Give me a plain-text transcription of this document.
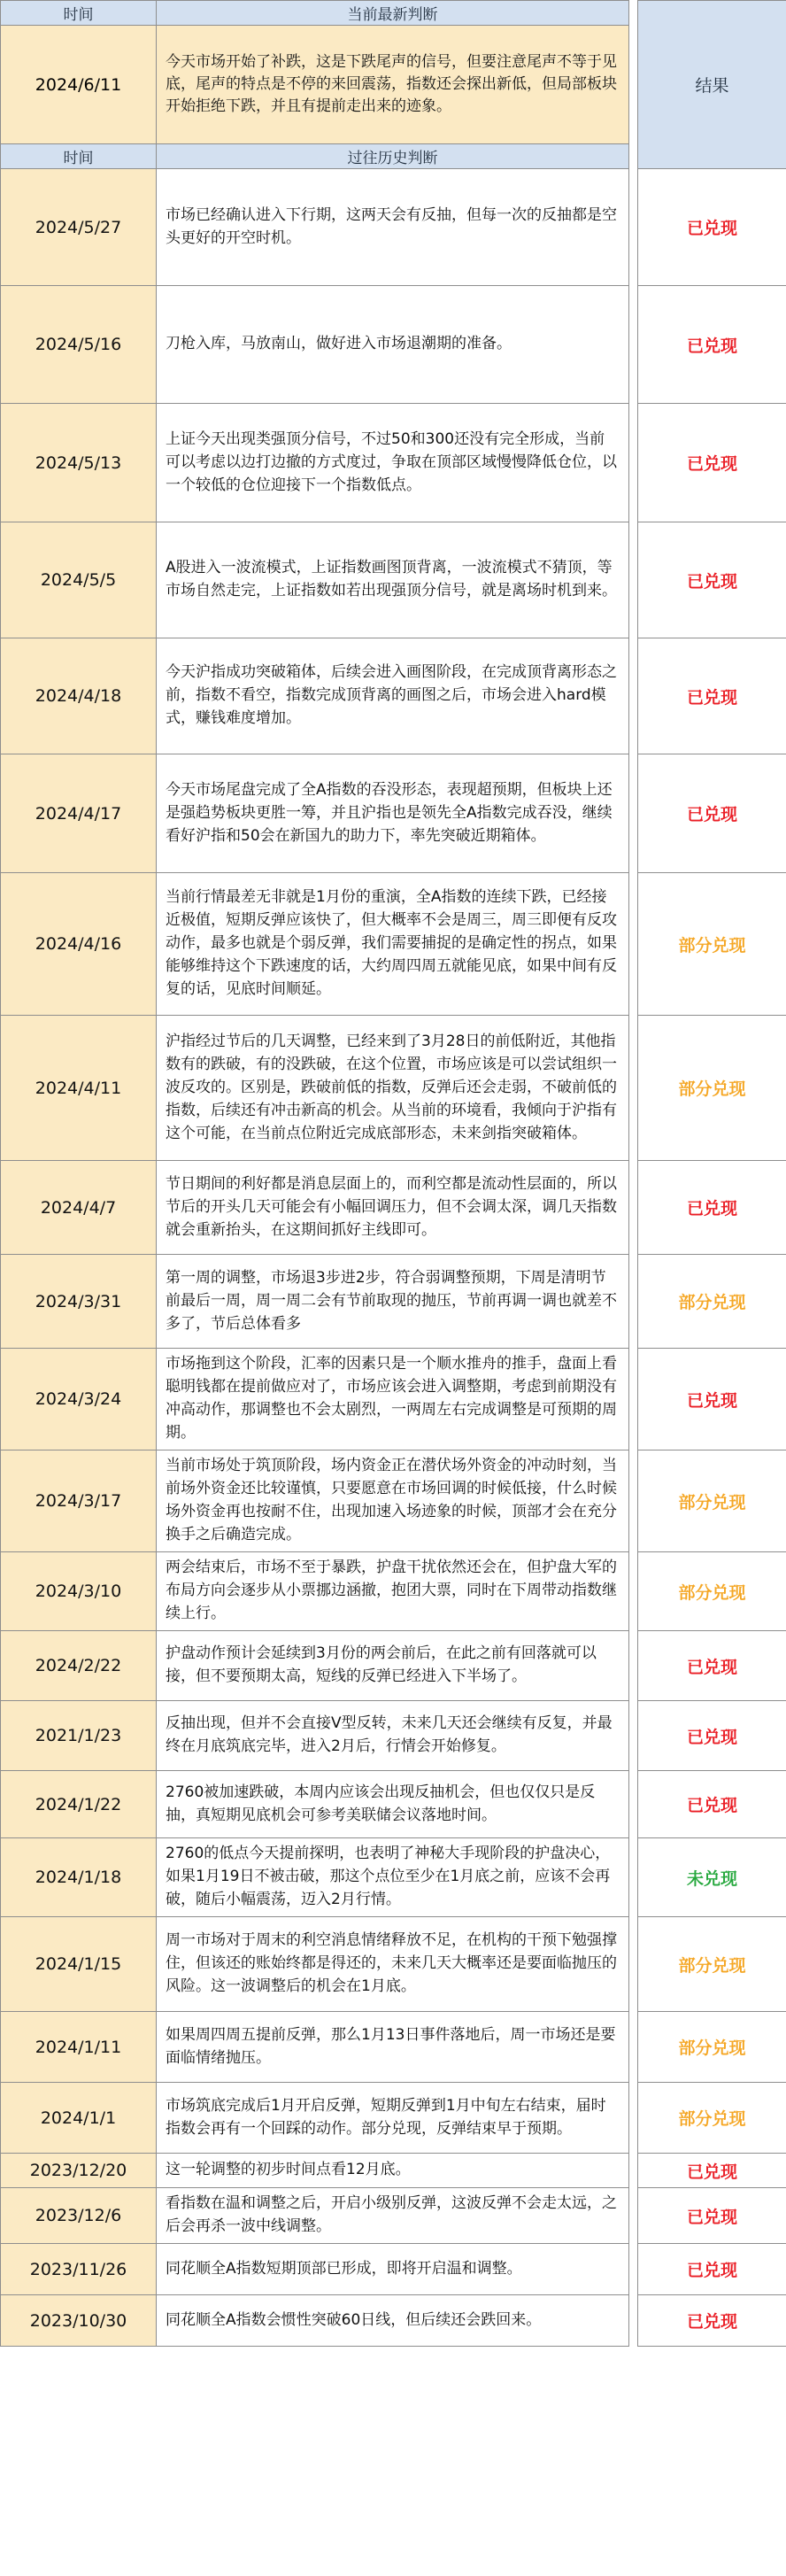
时间	当前最新判断		结果
2024/6/11	今天市场开始了补跌，这是下跌尾声的信号，但要注意尾声不等于见底，尾声的特点是不停的来回震荡，指数还会探出新低，但局部板块开始拒绝下跌，并且有提前走出来的迹象。		
时间	过往历史判断		
2024/5/27	市场已经确认进入下行期，这两天会有反抽，但每一次的反抽都是空头更好的开空时机。		已兑现
2024/5/16	刀枪入库，马放南山，做好进入市场退潮期的准备。		已兑现
2024/5/13	上证今天出现类强顶分信号，不过50和300还没有完全形成，当前可以考虑以边打边撤的方式度过，争取在顶部区域慢慢降低仓位，以一个较低的仓位迎接下一个指数低点。		已兑现
2024/5/5	A股进入一波流模式，上证指数画图顶背离，一波流模式不猜顶，等市场自然走完，上证指数如若出现强顶分信号，就是离场时机到来。		已兑现
2024/4/18	今天沪指成功突破箱体，后续会进入画图阶段，在完成顶背离形态之前，指数不看空，指数完成顶背离的画图之后，市场会进入hard模式，赚钱难度增加。		已兑现
2024/4/17	今天市场尾盘完成了全A指数的吞没形态，表现超预期，但板块上还是强趋势板块更胜一筹，并且沪指也是领先全A指数完成吞没，继续看好沪指和50会在新国九的助力下，率先突破近期箱体。		已兑现
2024/4/16	当前行情最差无非就是1月份的重演，全A指数的连续下跌，已经接近极值，短期反弹应该快了，但大概率不会是周三，周三即便有反攻动作，最多也就是个弱反弹，我们需要捕捉的是确定性的拐点，如果能够维持这个下跌速度的话，大约周四周五就能见底，如果中间有反复的话，见底时间顺延。		部分兑现
2024/4/11	沪指经过节后的几天调整，已经来到了3月28日的前低附近，其他指数有的跌破，有的没跌破，在这个位置，市场应该是可以尝试组织一波反攻的。区别是，跌破前低的指数，反弹后还会走弱，不破前低的指数，后续还有冲击新高的机会。从当前的环境看，我倾向于沪指有这个可能，在当前点位附近完成底部形态，未来剑指突破箱体。		部分兑现
2024/4/7	节日期间的利好都是消息层面上的，而利空都是流动性层面的，所以节后的开头几天可能会有小幅回调压力，但不会调太深，调几天指数就会重新抬头，在这期间抓好主线即可。		已兑现
2024/3/31	第一周的调整，市场退3步进2步，符合弱调整预期，下周是清明节前最后一周，周一周二会有节前取现的抛压，节前再调一调也就差不多了，节后总体看多		部分兑现
2024/3/24	市场拖到这个阶段，汇率的因素只是一个顺水推舟的推手，盘面上看聪明钱都在提前做应对了，市场应该会进入调整期，考虑到前期没有冲高动作，那调整也不会太剧烈，一两周左右完成调整是可预期的周期。		已兑现
2024/3/17	当前市场处于筑顶阶段，场内资金正在潜伏场外资金的冲动时刻，当前场外资金还比较谨慎，只要愿意在市场回调的时候低接，什么时候场外资金再也按耐不住，出现加速入场迹象的时候，顶部才会在充分换手之后确造完成。		部分兑现
2024/3/10	两会结束后，市场不至于暴跌，护盘干扰依然还会在，但护盘大军的布局方向会逐步从小票挪边涵撤，抱团大票，同时在下周带动指数继续上行。		部分兑现
2024/2/22	护盘动作预计会延续到3月份的两会前后，在此之前有回落就可以接，但不要预期太高，短线的反弹已经进入下半场了。		已兑现
2021/1/23	反抽出现，但并不会直接V型反转，未来几天还会继续有反复，并最终在月底筑底完毕，进入2月后，行情会开始修复。		已兑现
2024/1/22	2760被加速跌破，本周内应该会出现反抽机会，但也仅仅只是反抽，真短期见底机会可参考美联储会议落地时间。		已兑现
2024/1/18	2760的低点今天提前探明，也表明了神秘大手现阶段的护盘决心，如果1月19日不被击破，那这个点位至少在1月底之前，应该不会再破，随后小幅震荡，迈入2月行情。		未兑现
2024/1/15	周一市场对于周末的利空消息情绪释放不足，在机构的干预下勉强撑住，但该还的账始终都是得还的，未来几天大概率还是要面临抛压的风险。这一波调整后的机会在1月底。		部分兑现
2024/1/11	如果周四周五提前反弹，那么1月13日事件落地后，周一市场还是要面临情绪抛压。		部分兑现
2024/1/1	市场筑底完成后1月开启反弹，短期反弹到1月中旬左右结束，届时指数会再有一个回踩的动作。部分兑现，反弹结束早于预期。		部分兑现
2023/12/20	这一轮调整的初步时间点看12月底。		已兑现
2023/12/6	看指数在温和调整之后，开启小级别反弹，这波反弹不会走太远，之后会再杀一波中线调整。		已兑现
2023/11/26	同花顺全A指数短期顶部已形成，即将开启温和调整。		已兑现
2023/10/30	同花顺全A指数会惯性突破60日线，但后续还会跌回来。		已兑现
